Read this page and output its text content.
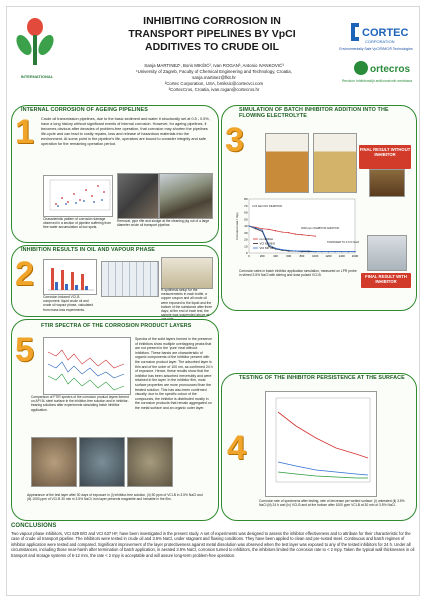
INTERNATIONAL
INHIBITING CORROSION IN TRANSPORT PIPELINES BY VpCI ADDITIVES TO CRUDE OIL
Sanja MARTINEZ¹, Boris MIKŠIĆ², Ivan ROGAN³, Antonio IVANKOVIĆ³
¹University of Zagreb, Faculty of Chemical Engineering and Technology, Croatia, sanja.martinez@fkit.hr
²Cortec Corporation, USA, bmiksic@cortecvci.com
³CortecCros, Croatia, ivan.rogan@cortecros.hr
CORTEC
CORPORATION
Environmentally Safe VpCI®/MCI® Technologies
ortecros
Revizion Inhibitorskijh antikorozivnih sredstava
1
INTERNAL CORROSION OF AGEING PIPELINES
Crude oil transmission pipelines, due to the basic sediment and water it structurally set at 0.5 - 0.5%, have a long history without significant events of internal corrosion. However, for ageing pipelines, it becomes obvious after decades of problem-free operation, that corrosion may shorten the pipelines life-cycle and can lead to costly repairs, loss and release of hazardous materials into the environment. At some point in the pipeline's life, operators are bound to consider integrity and safe operation for the remaining operation period.
Characteristic pattern of corrosion damage observed in a section of pipeline suffering from free water accumulation at low spots.
Removal, pipe rifle and sludge at the cleaning pig out of a large diameter crude oil transport pipeline.
2
INHIBITION RESULTS IN OIL AND VAPOUR PHASE
Corrosion induced VCI-B component: liquid crude oil and crude oil vapour phase, calculated from mass loss experiments.
R-synthesis setup for the measurements in each bottle, a copper coupon and all crude oil were exposed to the liquid and the bottom of the substance after three days; at the end of each test, the sample was suspended above at
SIMULATION OF BATCH INHIBITOR ADDITION INTO THE FLOWING ELECTROLYTE
3	FINAL RESULT WITHOUT INHIBITOR
0
10
20
30
40
50
60
70
80
0	200	400	600	800	1000	1200	1400	1600
Corrosion rate / mpy	no inhibitor
VCI 629 B/O
VCI 637 HF
3.23 NaCl NO INHIBITOR
2000 ppm INHIBITOR ADDITION
TRANSFER TO 3.5 % NaCl
Corrosion rates in batch inhibitor application simulation, measured on LPR probe in stirred 3.5% NaCl with stirring and dose pulsed VCI-B.	FINAL RESULT WITH INHIBITOR
5
FTIR SPECTRA OF THE CORROSION PRODUCT LAYERS
Comparison of FTIR spectra of the corrosion product layers formed on API 5L steel surface in the inhibitor-free solution and in inhibitor-bearing solutions after experiments simulating batch inhibitor application.
Spectra of the solid layers formed in the presence of inhibitors show multiple overlapping peaks that are not present in the 'pure' neat without inhibitors. These bands are characteristic of organic components of the inhibitor present with the corrosion product layer. The adsorbed layer is thin and of the order of 100 nm, as confirmed 24 h of exposure. Hence, these results show that the inhibitor has been adsorbed irreversibly and were retained in the layer. In the inhibitor film, most surface properties are more pronounced than the treated solution. This has also been confirmed visually: due to the specific colour of the compounds, the inhibitor is distributed mostly in the corrosion products that remain aggregated on the metal surface and an organic outer layer.
Appearance of the test layer after 30 days of exposure in (i) inhibitor-free solution, (ii) 50 ppm of VCI-B in 3.5% NaCl and (iii) 1000 ppm of VCI-B 30 min in 3.5% NaCl; iron layer presents magnetite and hematite in the film.
TESTING OF THE INHIBITOR PERSISTENCE AT THE SURFACE
4
Corrosion rate of specimens after testing, rate of decrease per wetted surface: (i) untreated (ii) 3.5% NaCl (iii) 24 h and (iv) VCI-B and at the bottom after 1000 ppm VCI-B at 30 min of 3.5% NaCl.
CONCLUSIONS
Two vapour phase inhibitors, VCI 629 B/O and VCI 637 HF, have been investigated in the present study. A set of experiments was designed to assess the inhibitor effectiveness and to attribute for their characteristic for the case of crude oil transport pipeline. The inhibitors were tested in crude oil and 3.5% NaCl, under stagnant and flowing conditions. They have been applied to clean and pre-rusted steel. Continuous and batch regimes of inhibitor application were tested and compared. Significant improvement of the layer protectiveness against metal dissolution was observed when the test layer was exposed to any of the tested inhibitors for 24 h. Under all circumstances, including those near-harsh after termination of batch application, in aerated 3.5% NaCl, corrosion turned to inhibitors, the inhibitors limited the corrosion rate to < 2 mpy. Taken the typical wall thicknesses in oil transport and storage systems of 6-12 mm, the rate < 2 mpy is acceptable and will assure long-term problem-free operation.
